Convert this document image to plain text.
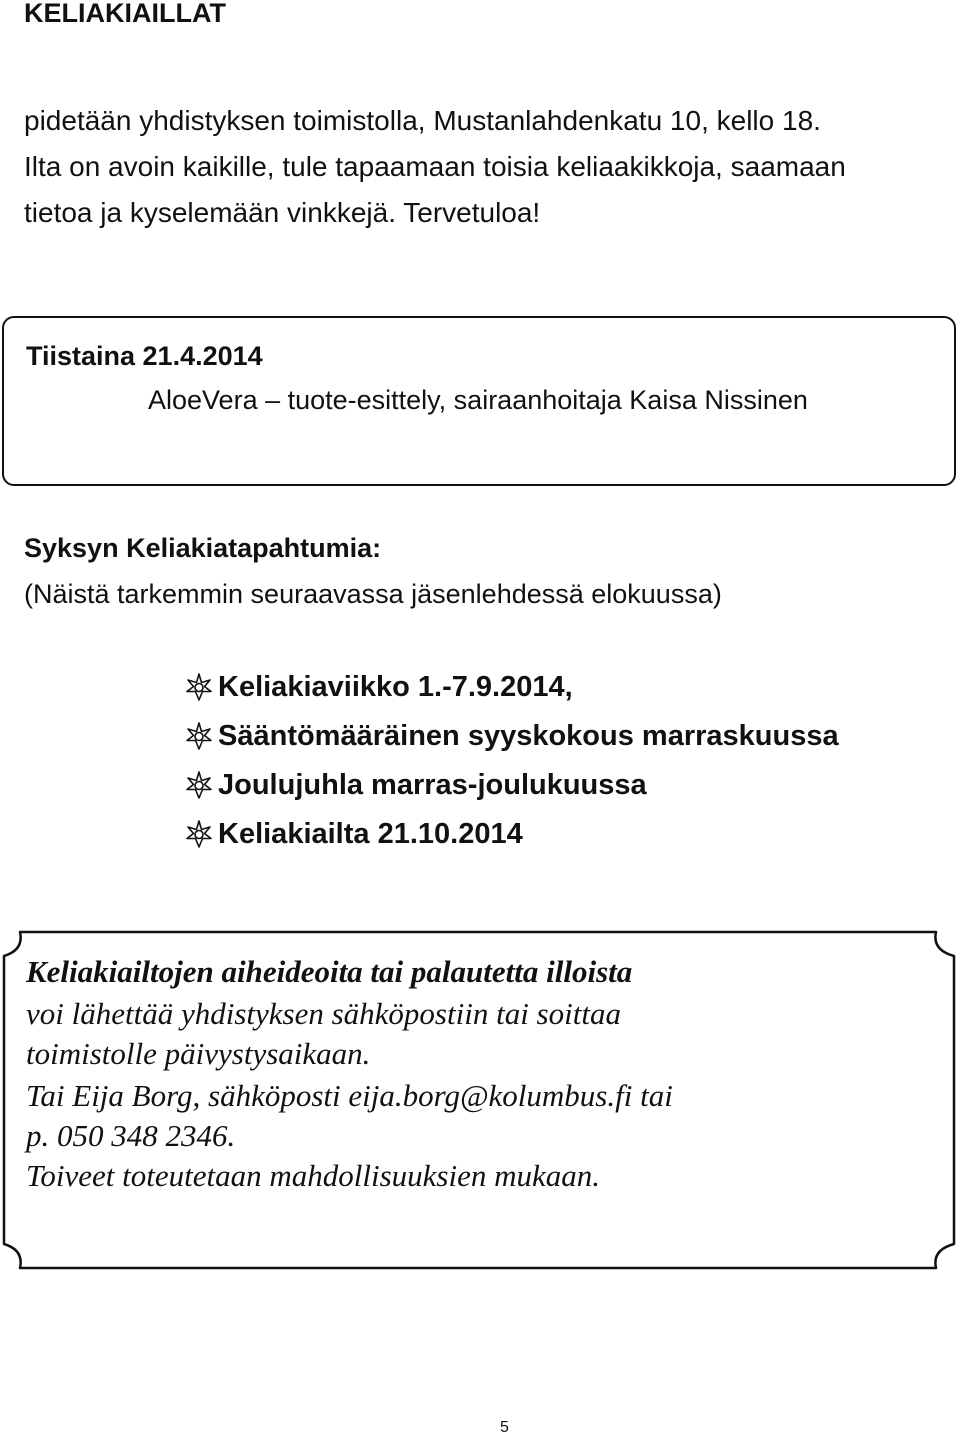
KELIAKIAILLAT
pidetään yhdistyksen toimistolla, Mustanlahdenkatu 10, kello 18.
Ilta on avoin kaikille, tule tapaamaan toisia keliaakikkoja, saamaan
tietoa ja kyselemään vinkkejä. Tervetuloa!
Tiistaina 21.4.2014
AloeVera – tuote-esittely, sairaanhoitaja Kaisa Nissinen
Syksyn Keliakiatapahtumia:
(Näistä tarkemmin seuraavassa jäsenlehdessä elokuussa)
Keliakiaviikko 1.-7.9.2014,
Sääntömääräinen syyskokous marraskuussa
Joulujuhla marras-joulukuussa
Keliakiailta 21.10.2014
Keliakiailtojen aiheideoita tai palautetta illoista
voi lähettää yhdistyksen sähköpostiin tai soittaa
toimistolle päivystysaikaan.
Tai Eija Borg, sähköposti eija.borg@kolumbus.fi tai
p. 050 348 2346.
Toiveet toteutetaan mahdollisuuksien mukaan.
5
